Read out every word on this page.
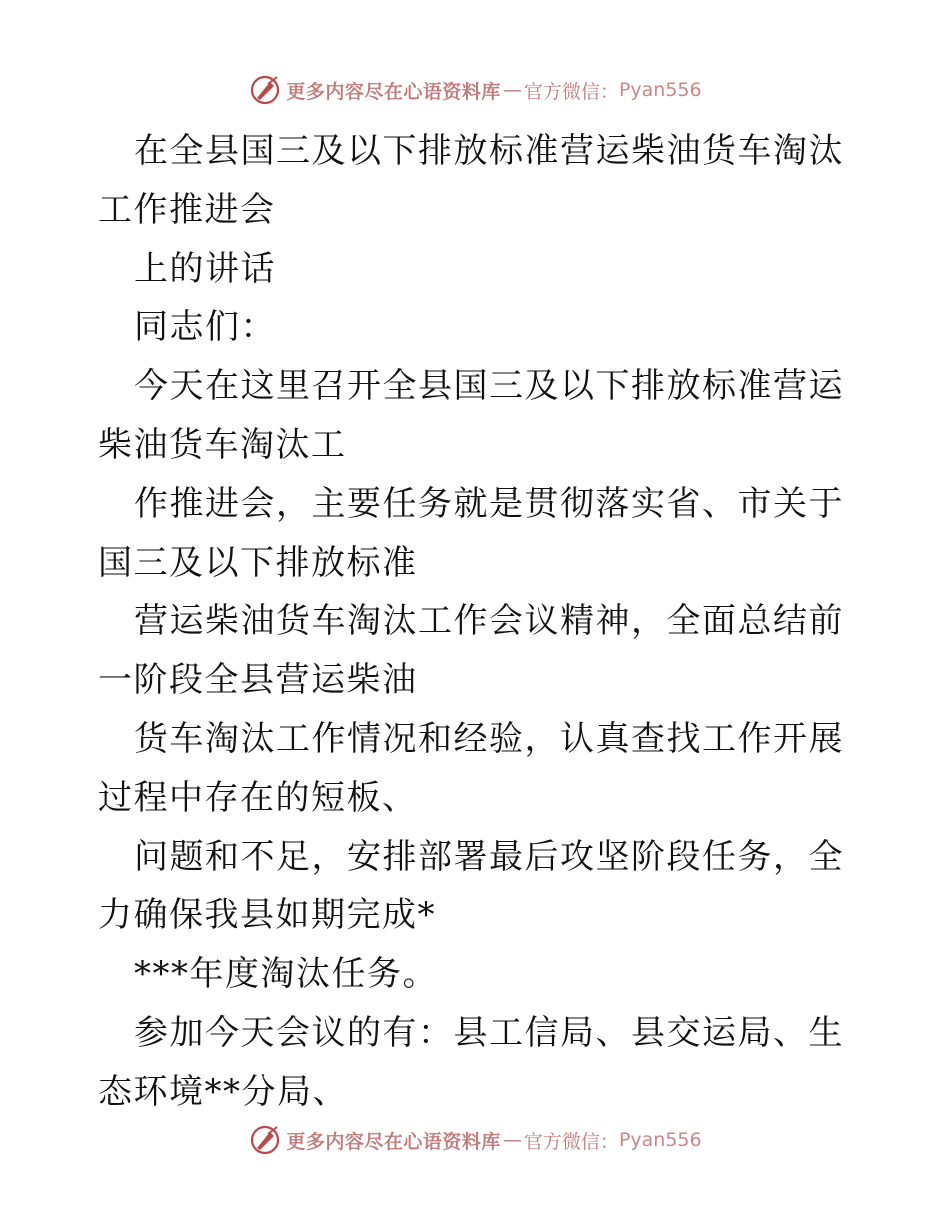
更多内容尽在心语资料库 — 官方微信： Pyan556

在全县国三及以下排放标准营运柴油货车淘汰工作推进会

上的讲话

同志们：

今天在这里召开全县国三及以下排放标准营运柴油货车淘汰工

作推进会，主要任务就是贯彻落实省、市关于国三及以下排放标准

营运柴油货车淘汰工作会议精神，全面总结前一阶段全县营运柴油

货车淘汰工作情况和经验，认真查找工作开展过程中存在的短板、

问题和不足，安排部署最后攻坚阶段任务，全力确保我县如期完成*

***年度淘汰任务。

参加今天会议的有：县工信局、县交运局、生态环境**分局、

更多内容尽在心语资料库 — 官方微信： Pyan556
